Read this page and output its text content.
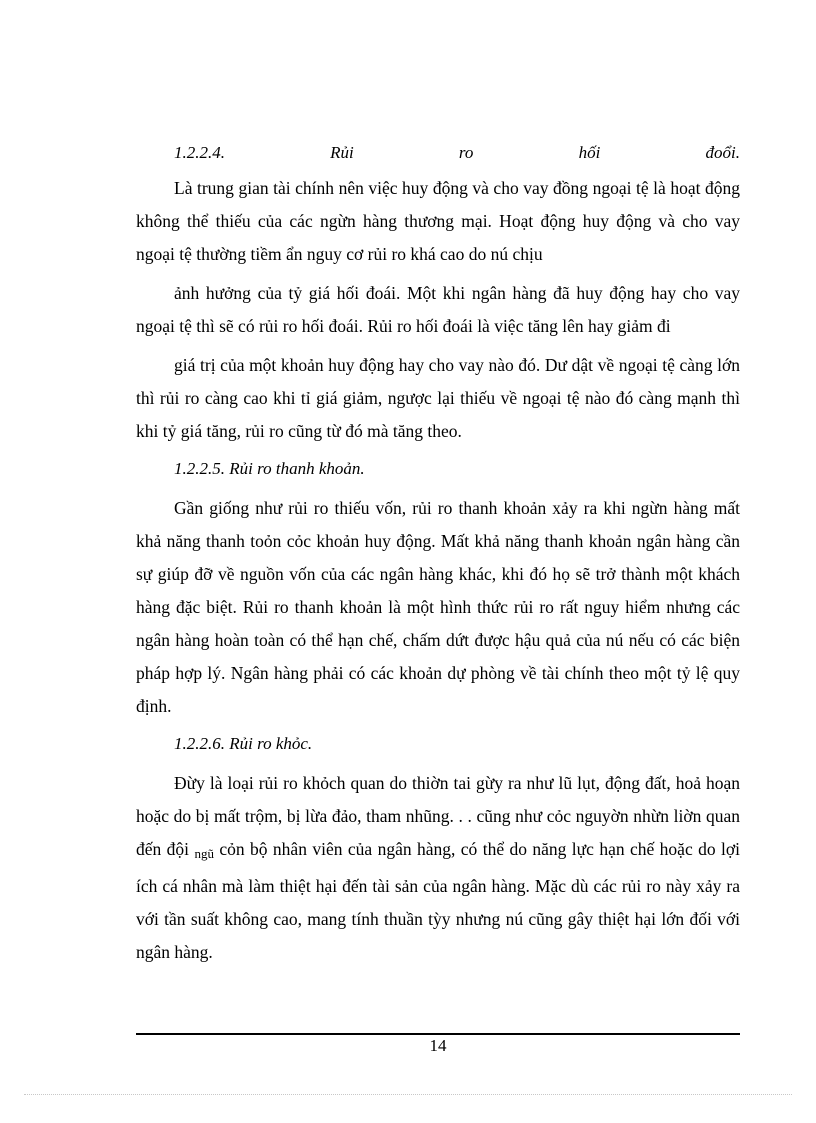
1.2.2.4.	Rủi	ro	hối	đoổi.

Là trung gian tài chính nên việc huy động và cho vay đồng ngoại tệ là hoạt động không thể thiếu của các ngừn hàng thương mại. Hoạt động huy động và cho vay ngoại tệ thường tiềm ẩn nguy cơ rủi ro khá cao do nú chịu

ảnh hưởng của tỷ giá hối đoái. Một khi ngân hàng đã huy động hay cho vay ngoại tệ thì sẽ có rủi ro hối đoái. Rủi ro hối đoái là việc tăng lên hay giảm đi

giá trị của một khoản huy động hay cho vay nào đó. Dư dật về ngoại tệ càng lớn thì rủi ro càng cao khi tỉ giá giảm, ngược lại thiếu về ngoại tệ nào đó càng mạnh thì khi tỷ giá tăng, rủi ro cũng từ đó mà tăng theo.

1.2.2.5. Rủi ro thanh khoản.

Gần giống như rủi ro thiếu vốn, rủi ro thanh khoản xảy ra khi ngừn hàng mất khả năng thanh toỏn cỏc khoản huy động. Mất khả năng thanh khoản ngân hàng cần sự giúp đỡ về nguồn vốn của các ngân hàng khác, khi đó họ sẽ trở thành một khách hàng đặc biệt. Rủi ro thanh khoản là một hình thức rủi ro rất nguy hiểm nhưng các ngân hàng hoàn toàn có thể hạn chế, chấm dứt được hậu quả của nú nếu có các biện pháp hợp lý. Ngân hàng phải có các khoản dự phòng về tài chính theo một tỷ lệ quy định.

1.2.2.6. Rủi ro khỏc.

Đừy là loại rủi ro khỏch quan do thiờn tai gừy ra như lũ lụt, động đất, hoả hoạn hoặc do bị mất trộm, bị lừa đảo, tham nhũng. . . cũng như cỏc nguyờn nhừn liờn quan đến đội ngũ cỏn bộ nhân viên của ngân hàng, có thể do năng lực hạn chế hoặc do lợi ích cá nhân mà làm thiệt hại đến tài sản của ngân hàng. Mặc dù các rủi ro này xảy ra với tần suất không cao, mang tính thuần tỳy nhưng nú cũng gây thiệt hại lớn đối với ngân hàng.

14
